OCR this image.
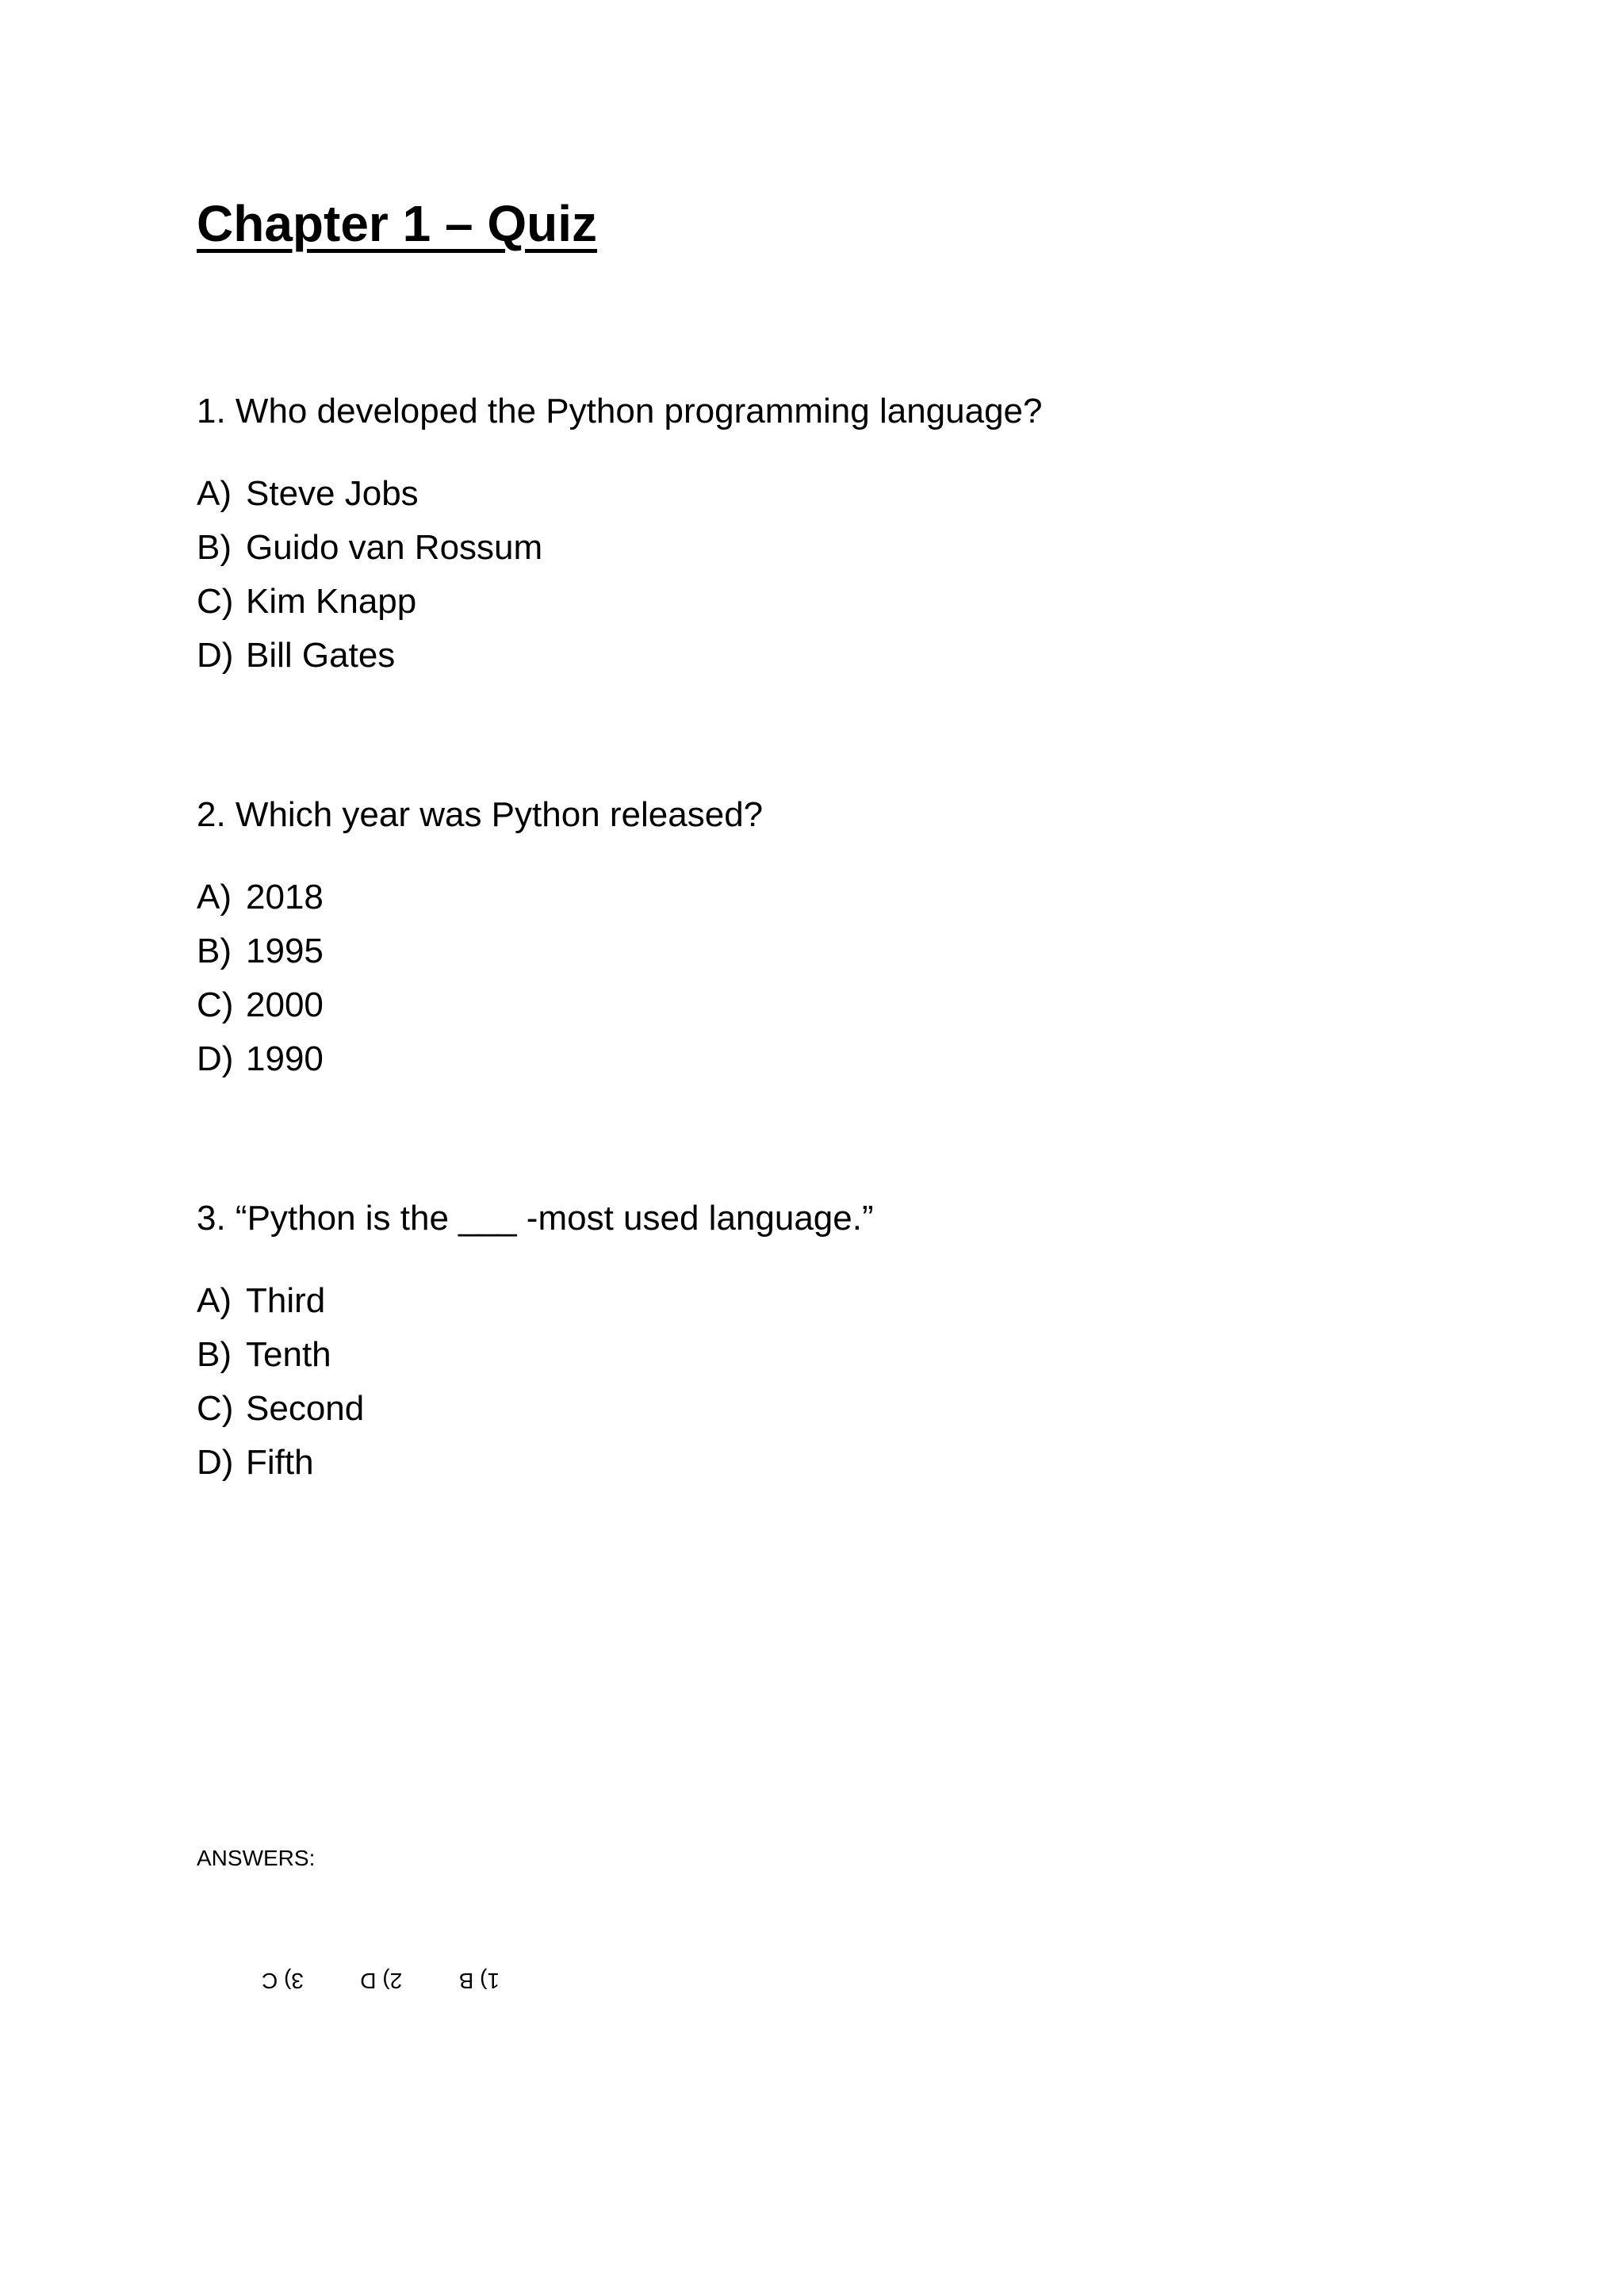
Chapter 1 – Quiz

1. Who developed the Python programming language?

A) Steve Jobs
B) Guido van Rossum
C) Kim Knapp
D) Bill Gates

2. Which year was Python released?

A) 2018
B) 1995
C) 2000
D) 1990

3. “Python is the ___ -most used language.”

A) Third
B) Tenth
C) Second
D) Fifth
ANSWERS:
1) B
2) D
3) C
